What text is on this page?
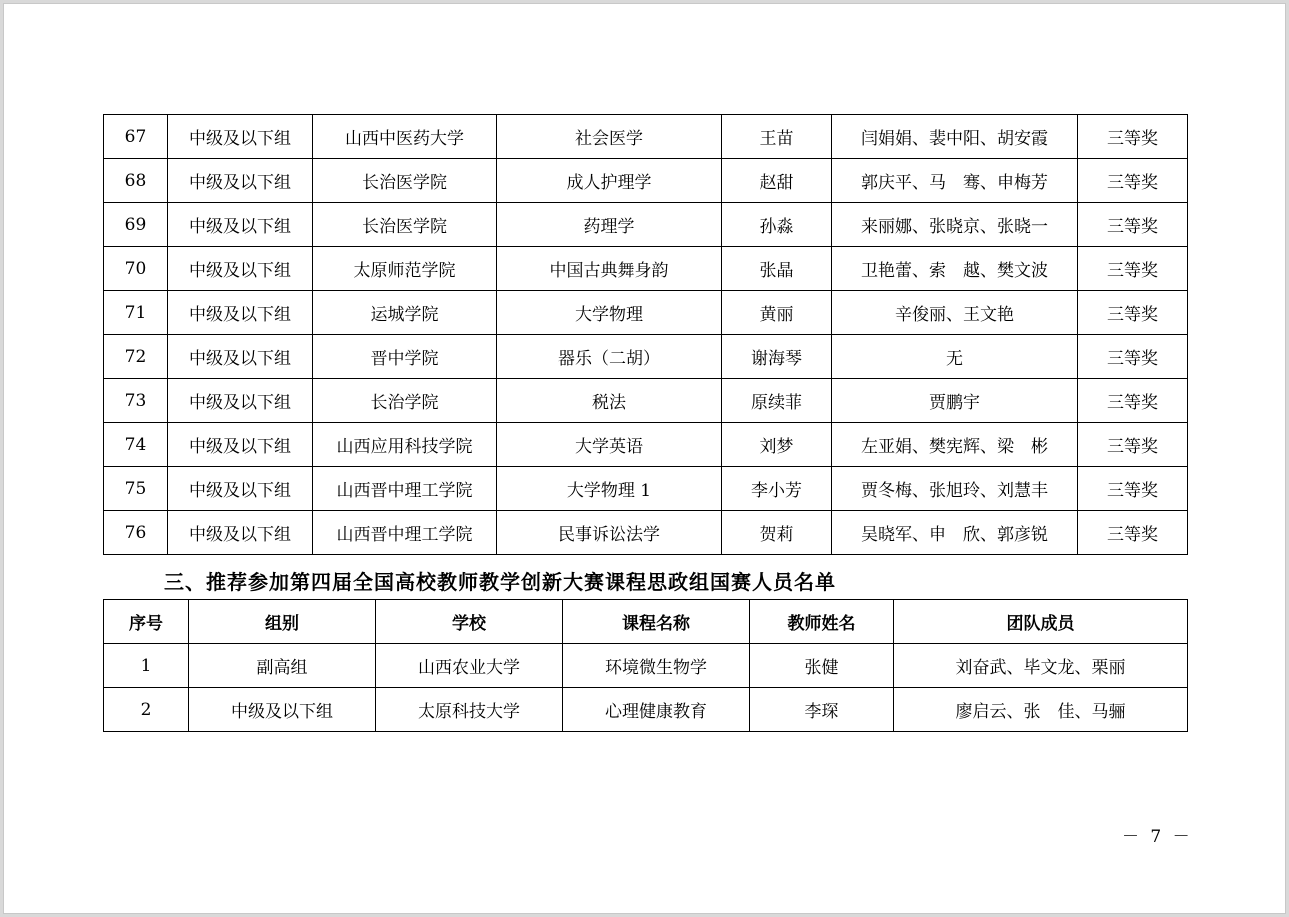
67	中级及以下组	山西中医药大学	社会医学	王苗	闫娟娟、裴中阳、胡安霞	三等奖
68	中级及以下组	长治医学院	成人护理学	赵甜	郭庆平、马　骞、申梅芳	三等奖
69	中级及以下组	长治医学院	药理学	孙淼	来丽娜、张晓京、张晓一	三等奖
70	中级及以下组	太原师范学院	中国古典舞身韵	张晶	卫艳蕾、索　越、樊文波	三等奖
71	中级及以下组	运城学院	大学物理	黄丽	辛俊丽、王文艳	三等奖
72	中级及以下组	晋中学院	器乐（二胡）	谢海琴	无	三等奖
73	中级及以下组	长治学院	税法	原续菲	贾鹏宇	三等奖
74	中级及以下组	山西应用科技学院	大学英语	刘梦	左亚娟、樊宪辉、梁　彬	三等奖
75	中级及以下组	山西晋中理工学院	大学物理 1	李小芳	贾冬梅、张旭玲、刘慧丰	三等奖
76	中级及以下组	山西晋中理工学院	民事诉讼法学	贺莉	吴晓军、申　欣、郭彦锐	三等奖
三、推荐参加第四届全国高校教师教学创新大赛课程思政组国赛人员名单
序号	组别	学校	课程名称	教师姓名	团队成员
1	副高组	山西农业大学	环境微生物学	张健	刘奋武、毕文龙、栗丽
2	中级及以下组	太原科技大学	心理健康教育	李琛	廖启云、张　佳、马骊
－ 7 －
